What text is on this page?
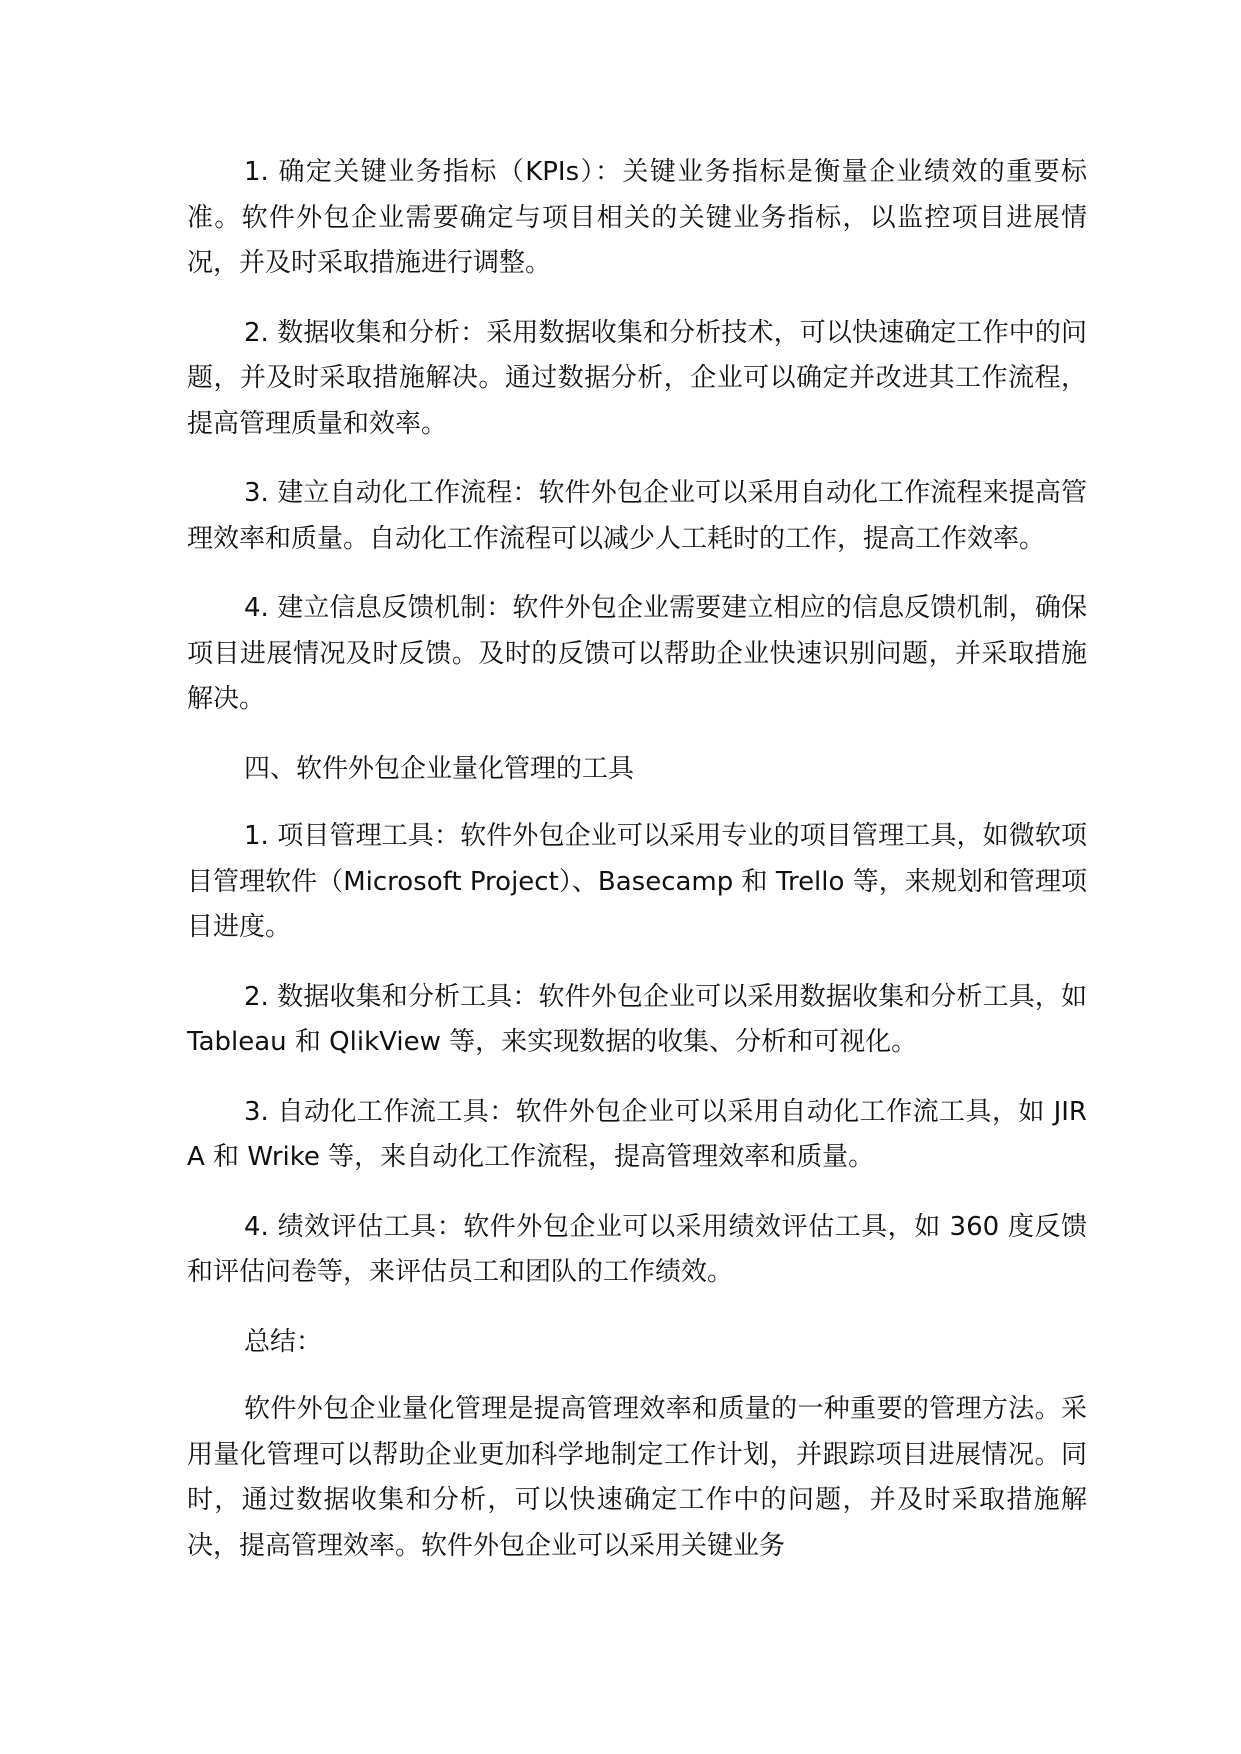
1. 确定关键业务指标（KPIs）：关键业务指标是衡量企业绩效的重要标准。软件外包企业需要确定与项目相关的关键业务指标，以监控项目进展情况，并及时采取措施进行调整。

2. 数据收集和分析：采用数据收集和分析技术，可以快速确定工作中的问题，并及时采取措施解决。通过数据分析，企业可以确定并改进其工作流程，提高管理质量和效率。

3. 建立自动化工作流程：软件外包企业可以采用自动化工作流程来提高管理效率和质量。自动化工作流程可以减少人工耗时的工作，提高工作效率。

4. 建立信息反馈机制：软件外包企业需要建立相应的信息反馈机制，确保项目进展情况及时反馈。及时的反馈可以帮助企业快速识别问题，并采取措施解决。

四、软件外包企业量化管理的工具

1. 项目管理工具：软件外包企业可以采用专业的项目管理工具，如微软项目管理软件（Microsoft Project）、Basecamp 和 Trello 等，来规划和管理项目进度。

2. 数据收集和分析工具：软件外包企业可以采用数据收集和分析工具，如 Tableau 和 QlikView 等，来实现数据的收集、分析和可视化。

3. 自动化工作流工具：软件外包企业可以采用自动化工作流工具，如 JIRA 和 Wrike 等，来自动化工作流程，提高管理效率和质量。

4. 绩效评估工具：软件外包企业可以采用绩效评估工具，如 360 度反馈和评估问卷等，来评估员工和团队的工作绩效。

总结：

软件外包企业量化管理是提高管理效率和质量的一种重要的管理方法。采用量化管理可以帮助企业更加科学地制定工作计划，并跟踪项目进展情况。同时，通过数据收集和分析，可以快速确定工作中的问题，并及时采取措施解决，提高管理效率。软件外包企业可以采用关键业务
